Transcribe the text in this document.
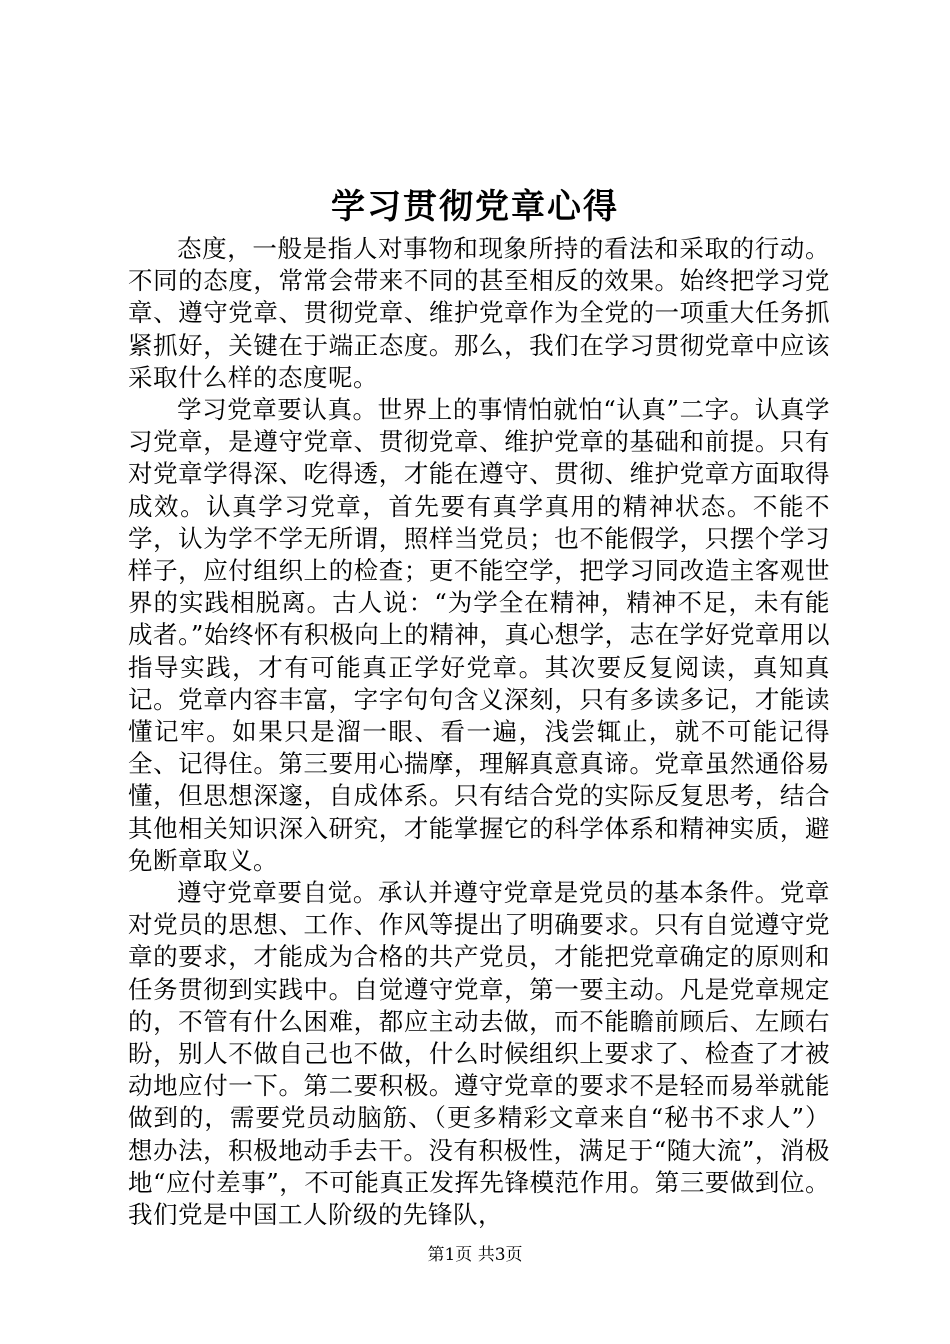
学习贯彻党章心得

态度，一般是指人对事物和现象所持的看法和采取的行动。不同的态度，常常会带来不同的甚至相反的效果。始终把学习党章、遵守党章、贯彻党章、维护党章作为全党的一项重大任务抓紧抓好，关键在于端正态度。那么，我们在学习贯彻党章中应该采取什么样的态度呢。

学习党章要认真。世界上的事情怕就怕“认真”二字。认真学习党章，是遵守党章、贯彻党章、维护党章的基础和前提。只有对党章学得深、吃得透，才能在遵守、贯彻、维护党章方面取得成效。认真学习党章，首先要有真学真用的精神状态。不能不学，认为学不学无所谓，照样当党员；也不能假学，只摆个学习样子，应付组织上的检查；更不能空学，把学习同改造主客观世界的实践相脱离。古人说：“为学全在精神，精神不足，未有能成者。”始终怀有积极向上的精神，真心想学，志在学好党章用以指导实践，才有可能真正学好党章。其次要反复阅读，真知真记。党章内容丰富，字字句句含义深刻，只有多读多记，才能读懂记牢。如果只是溜一眼、看一遍，浅尝辄止，就不可能记得全、记得住。第三要用心揣摩，理解真意真谛。党章虽然通俗易懂，但思想深邃，自成体系。只有结合党的实际反复思考，结合其他相关知识深入研究，才能掌握它的科学体系和精神实质，避免断章取义。

遵守党章要自觉。承认并遵守党章是党员的基本条件。党章对党员的思想、工作、作风等提出了明确要求。只有自觉遵守党章的要求，才能成为合格的共产党员，才能把党章确定的原则和任务贯彻到实践中。自觉遵守党章，第一要主动。凡是党章规定的，不管有什么困难，都应主动去做，而不能瞻前顾后、左顾右盼，别人不做自己也不做，什么时候组织上要求了、检查了才被动地应付一下。第二要积极。遵守党章的要求不是轻而易举就能做到的，需要党员动脑筋、（更多精彩文章来自“秘书不求人”）想办法，积极地动手去干。没有积极性，满足于“随大流”，消极地“应付差事”，不可能真正发挥先锋模范作用。第三要做到位。我们党是中国工人阶级的先锋队，

第1页 共3页
